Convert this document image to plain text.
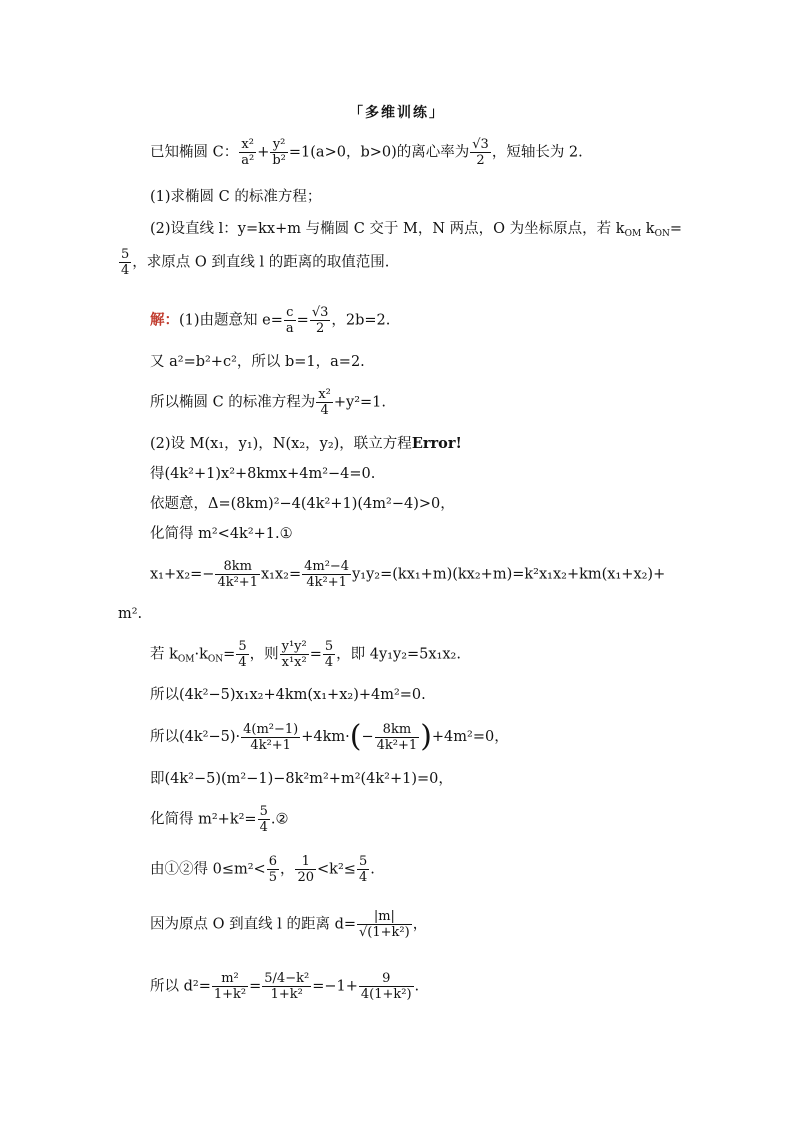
「多维训练」
已知椭圆 C： $\frac{\text{x²}}{\text{a²}} + \frac{\text{y²}}{\text{b²}} =1(a>0$，b>0)的离心率为 $\frac{√3}{2}$ ，短轴长为 2.
(1)求椭圆 C 的标准方程；
(2)设直线 l：y=kx+m 与椭圆 C 交于 M，N 两点，O 为坐标原点，若 $k_{OM}$ $k_{ON}=$
$\frac{5}{4}$ ，求原点 O 到直线 l 的距离的取值范围.
解：(1)由题意知 $e= \frac{c}{a} = \frac{√3}{2}$ ，2b=2.
又 a²=b²+c²，所以 b=1，a=2.
所以椭圆 C 的标准方程为 $\frac{\text{x²}}{4} +y^2=1$.
(2)设 M(x₁，y₁)，N(x₂，y₂)，联立方程Error!
得(4k²+1)x²+8kmx+4m²−4=0.
依题意，Δ=(8km)²−4(4k²+1)(4m²−4)>0，
化简得 m²<4k²+1.①
$x_1+x_2=- \frac{8km}{\text{4k²+1}} x_1x_2= \frac{\text{4m²−4}}{\text{4k²+1}} y_1y_2=(kx_1+m)(kx_2+m)=k^2x_1x_2+km(x_1+x_2)+$
m².
若 $k_{OM}\cdot k_{ON}= \frac{5}{4}$ ，则 $\frac{\text{y¹y²}}{\text{x¹x²}} = \frac{5}{4}$ ，即 4y₁y₂=5x₁x₂.
所以(4k²−5)x₁x₂+4km(x₁+x₂)+4m²=0.
所以$(4k^2-5)\cdot \frac{\text{4(m²−1)}}{\text{4k²+1}} +4km\cdot(- \frac{8km}{\text{4k²+1}} )+4m^2=0$，
即(4k²−5)(m²−1)−8k²m²+m²(4k²+1)=0，
化简得 $m^2+k^2= \frac{5}{4}$ .②
由①②得 $0\le m^2< \frac{6}{5}$ ， $\frac{1}{20} <k^2\le \frac{5}{4}$ .
因为原点 O 到直线 l 的距离 $d= \frac{|m|}{\text{√(1+k²)}}$ ，
所以 $d^2= \frac{\text{m²}}{\text{1+k²}} = \frac{\text{5/4−k²}}{\text{1+k²}} =-1+ \frac{9}{\text{4(1+k²)}}$ .
